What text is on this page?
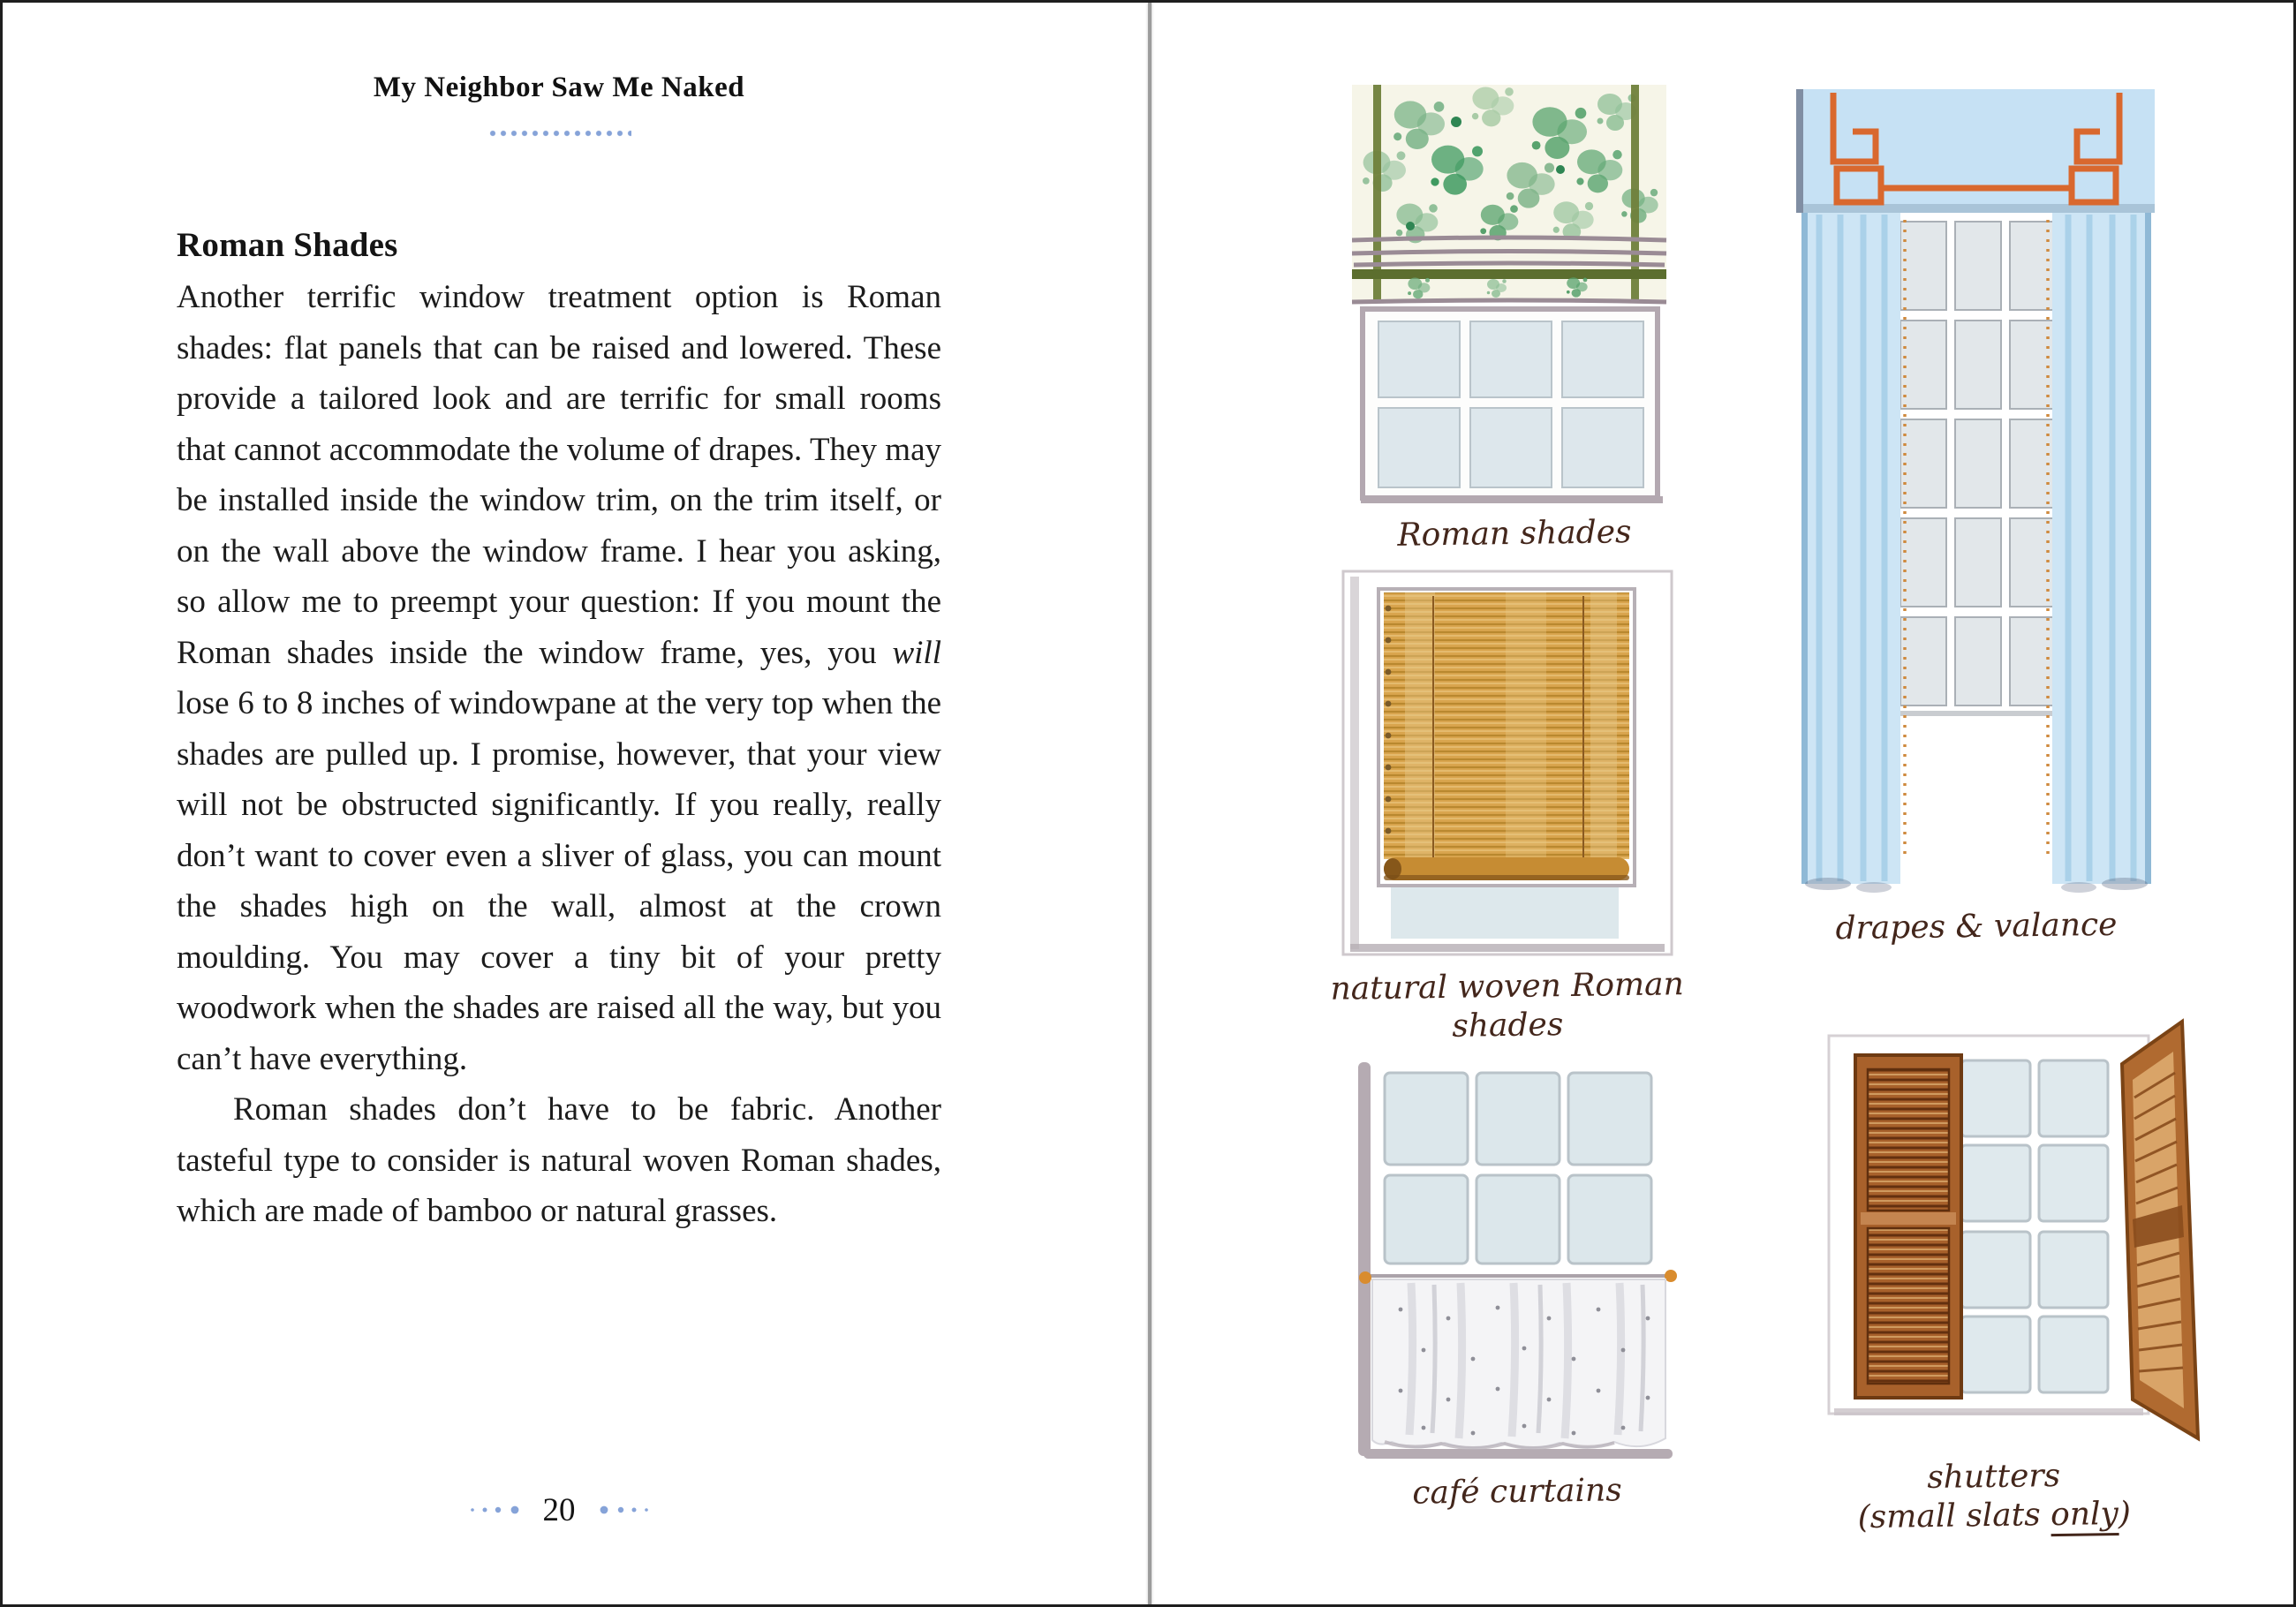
My Neighbor Saw Me Naked
Roman Shades

Another terrific window treatment option is Roman shades: flat panels that can be raised and lowered. These provide a tailored look and are terrific for small rooms that cannot accommodate the volume of drapes. They may be installed inside the window trim, on the trim itself, or on the wall above the window frame. I hear you asking, so allow me to preempt your question: If you mount the Roman shades inside the window frame, yes, you will lose 6 to 8 inches of windowpane at the very top when the shades are pulled up. I promise, however, that your view will not be obstructed significantly. If you really, really don’t want to cover even a sliver of glass, you can mount the shades high on the wall, almost at the crown moulding. You may cover a tiny bit of your pretty woodwork when the shades are raised all the way, but you can’t have everything.

Roman shades don’t have to be fabric. Another tasteful type to consider is natural woven Roman shades, which are made of bamboo or natural grasses.

20
Roman shades
drapes & valance
natural woven Roman shades
café curtains	shutters
(small slats only)
